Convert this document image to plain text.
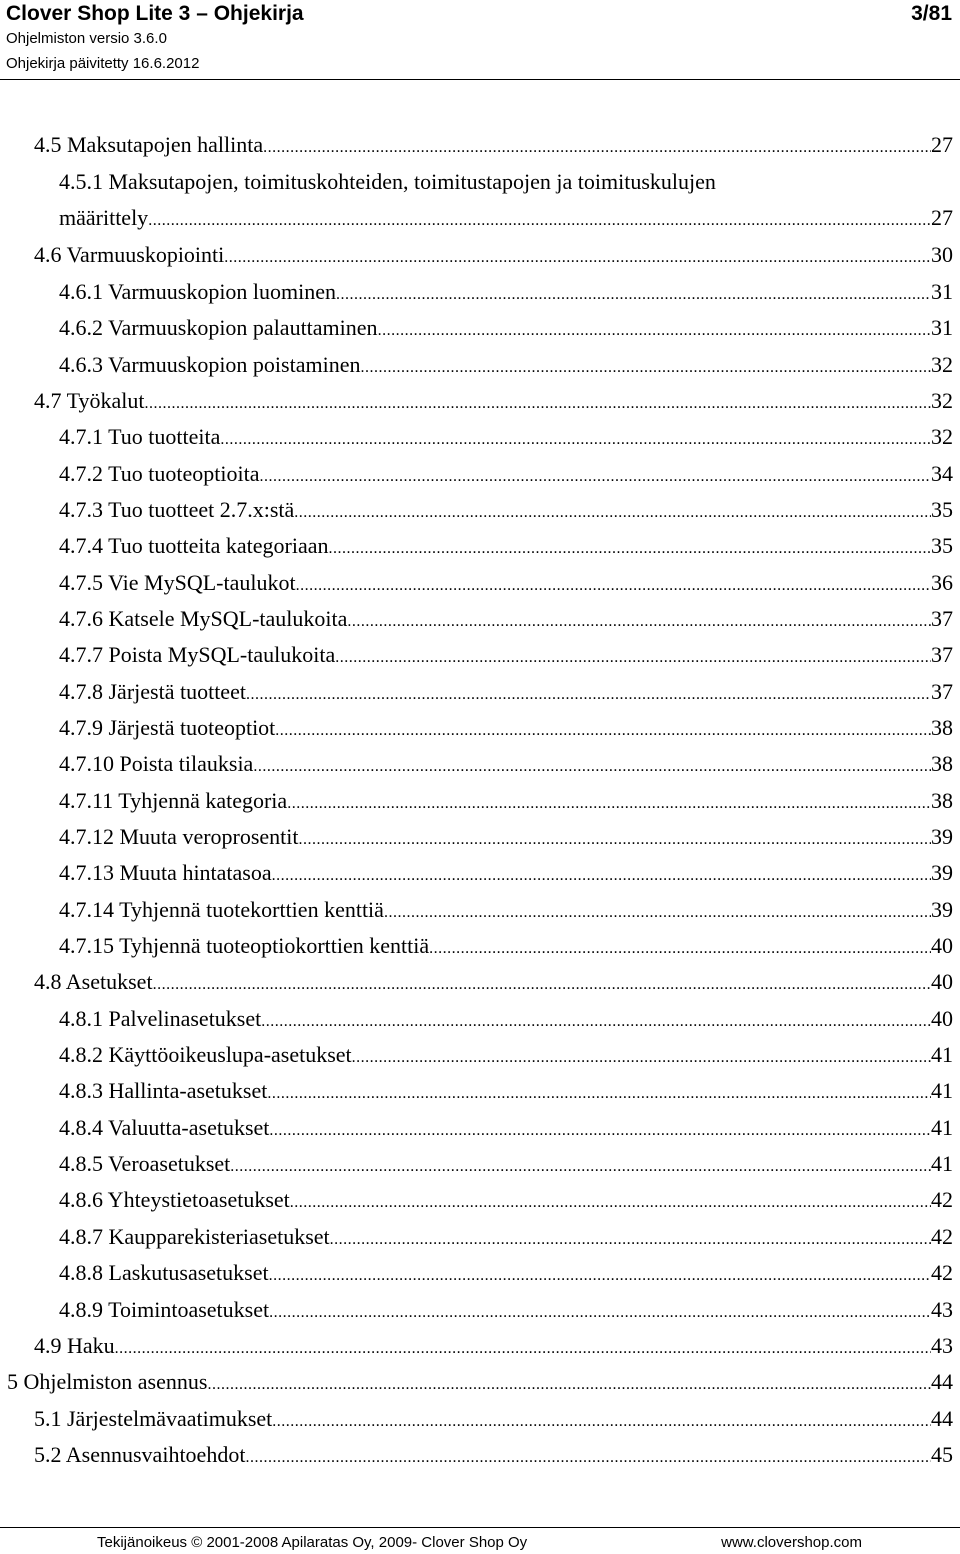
Clover Shop Lite 3 – Ohjekirja	3/81
Ohjelmiston versio 3.6.0
Ohjekirja päivitetty 16.6.2012
4.5 Maksutapojen hallinta .....	27
4.5.1 Maksutapojen, toimituskohteiden, toimitustapojen ja toimituskulujen
määrittely .....	27
4.6 Varmuuskopiointi .....	30
4.6.1 Varmuuskopion luominen .....	31
4.6.2 Varmuuskopion palauttaminen .....	31
4.6.3 Varmuuskopion poistaminen .....	32
4.7 Työkalut .....	32
4.7.1 Tuo tuotteita .....	32
4.7.2 Tuo tuoteoptioita .....	34
4.7.3 Tuo tuotteet 2.7.x:stä .....	35
4.7.4 Tuo tuotteita kategoriaan .....	35
4.7.5 Vie MySQL-taulukot .....	36
4.7.6 Katsele MySQL-taulukoita .....	37
4.7.7 Poista MySQL-taulukoita .....	37
4.7.8 Järjestä tuotteet .....	37
4.7.9 Järjestä tuoteoptiot .....	38
4.7.10 Poista tilauksia .....	38
4.7.11 Tyhjennä kategoria .....	38
4.7.12 Muuta veroprosentit .....	39
4.7.13 Muuta hintatasoa .....	39
4.7.14 Tyhjennä tuotekorttien kenttiä .....	39
4.7.15 Tyhjennä tuoteoptiokorttien kenttiä .....	40
4.8 Asetukset .....	40
4.8.1 Palvelinasetukset .....	40
4.8.2 Käyttöoikeuslupa-asetukset .....	41
4.8.3 Hallinta-asetukset .....	41
4.8.4 Valuutta-asetukset .....	41
4.8.5 Veroasetukset .....	41
4.8.6 Yhteystietoasetukset .....	42
4.8.7 Kaupparekisteriasetukset .....	42
4.8.8 Laskutusasetukset .....	42
4.8.9 Toimintoasetukset .....	43
4.9 Haku .....	43
5 Ohjelmiston asennus .....	44
5.1 Järjestelmävaatimukset .....	44
5.2 Asennusvaihtoehdot .....	45
Tekijänoikeus © 2001-2008 Apilaratas Oy, 2009- Clover Shop Oy	www.clovershop.com
